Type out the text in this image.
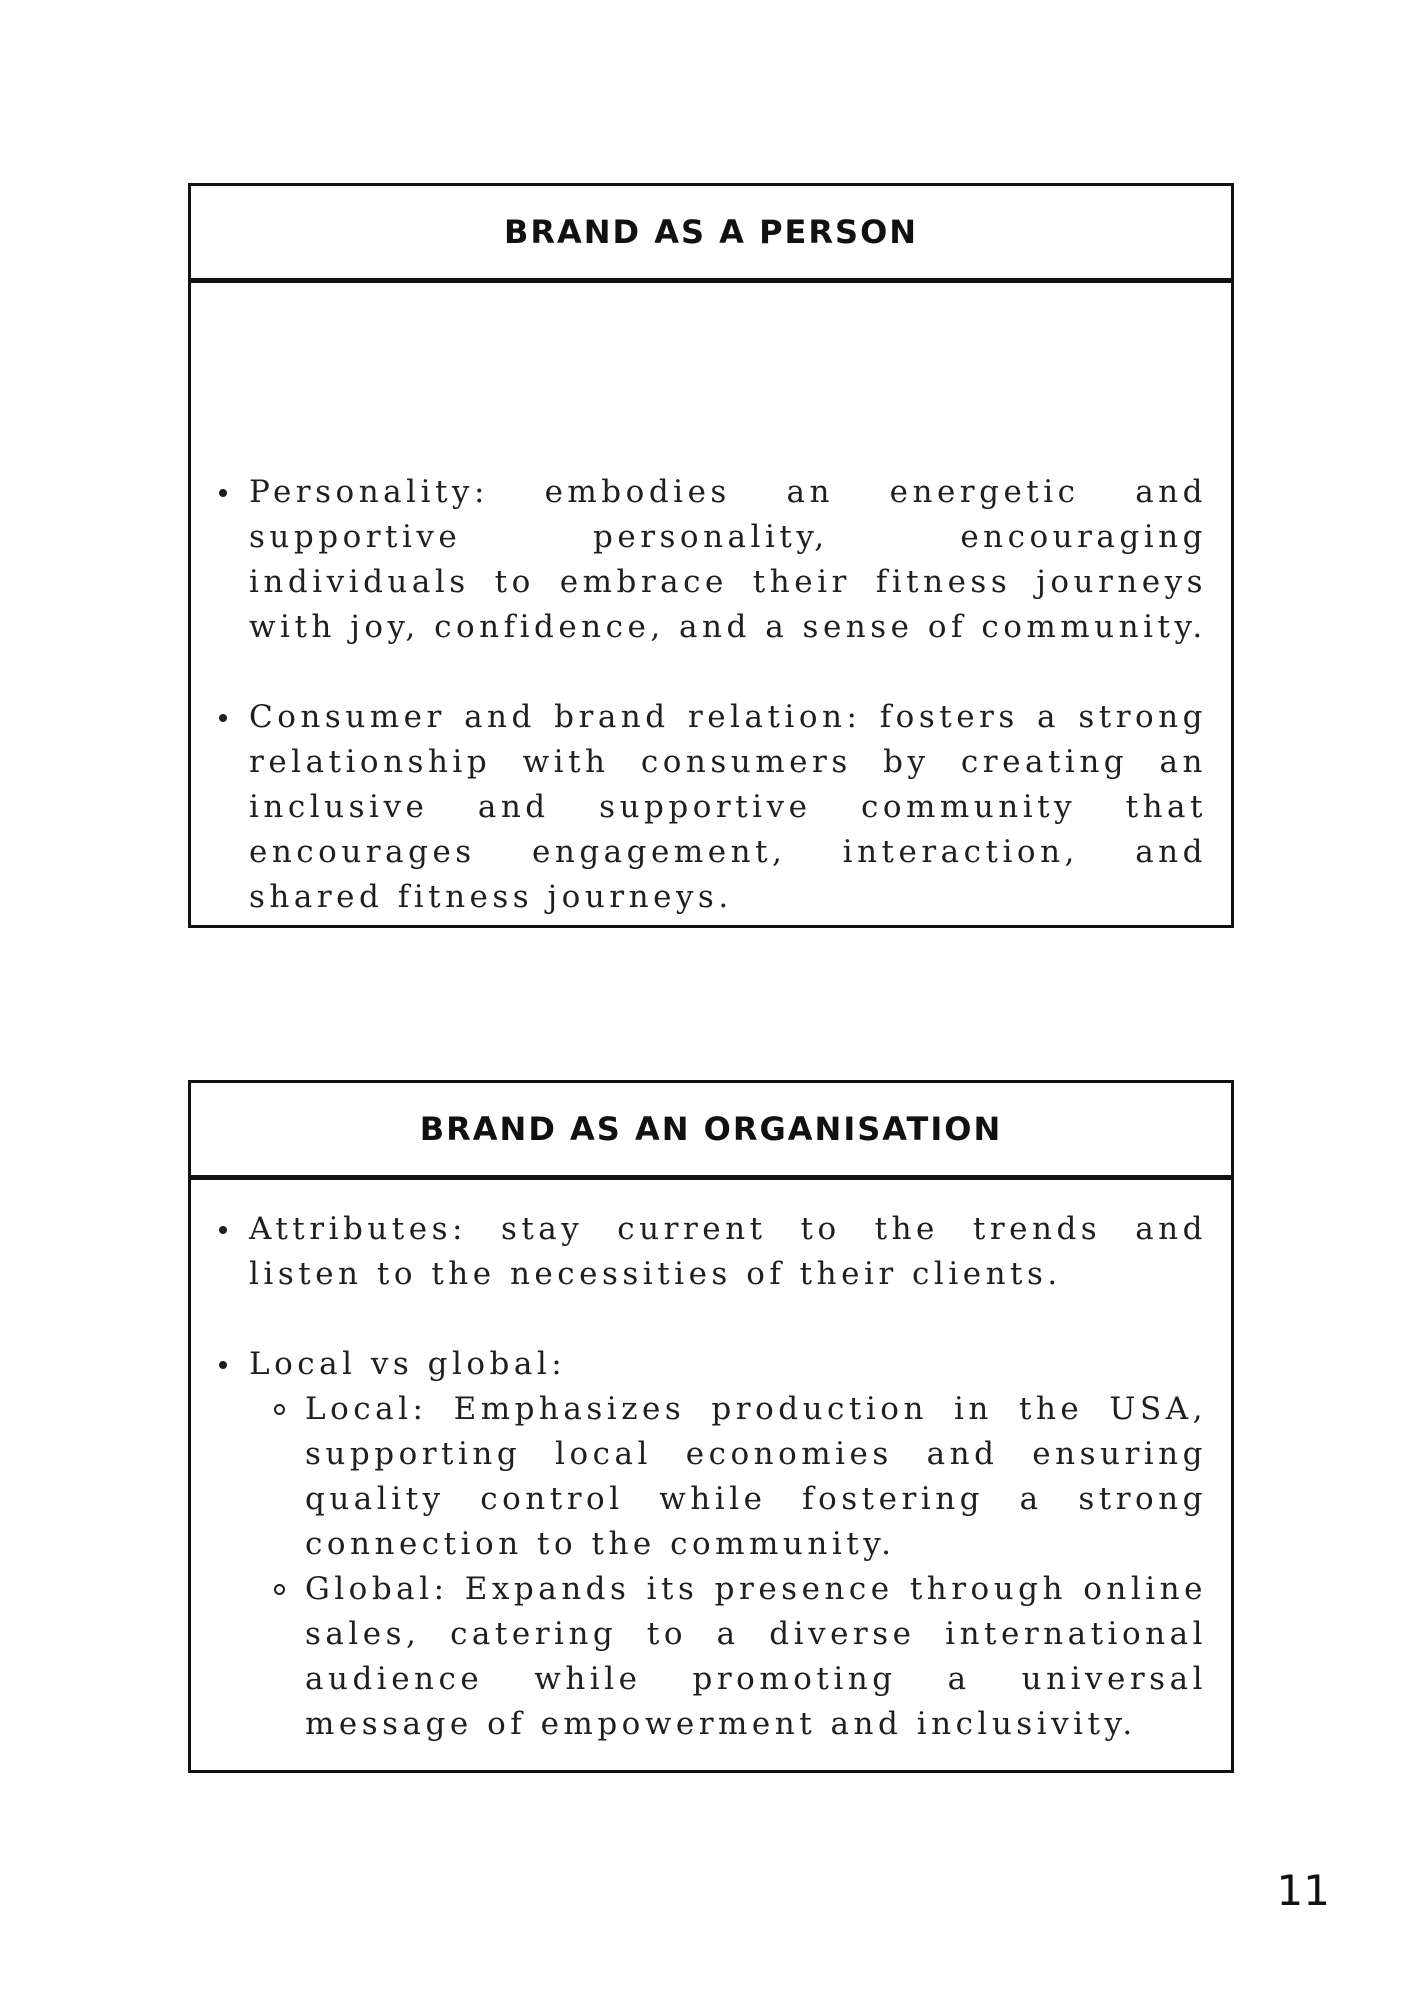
BRAND AS A PERSON
Personality: embodies an energetic and supportive personality, encouraging individuals to embrace their fitness journeys with joy, confidence, and a sense of community.
Consumer and brand relation: fosters a strong relationship with consumers by creating an inclusive and supportive community that encourages engagement, interaction, and shared fitness journeys.
BRAND AS AN ORGANISATION
Attributes: stay current to the trends and listen to the necessities of their clients.
Local vs global:
Local: Emphasizes production in the USA, supporting local economies and ensuring quality control while fostering a strong connection to the community.
Global: Expands its presence through online sales, catering to a diverse international audience while promoting a universal message of empowerment and inclusivity.
11
